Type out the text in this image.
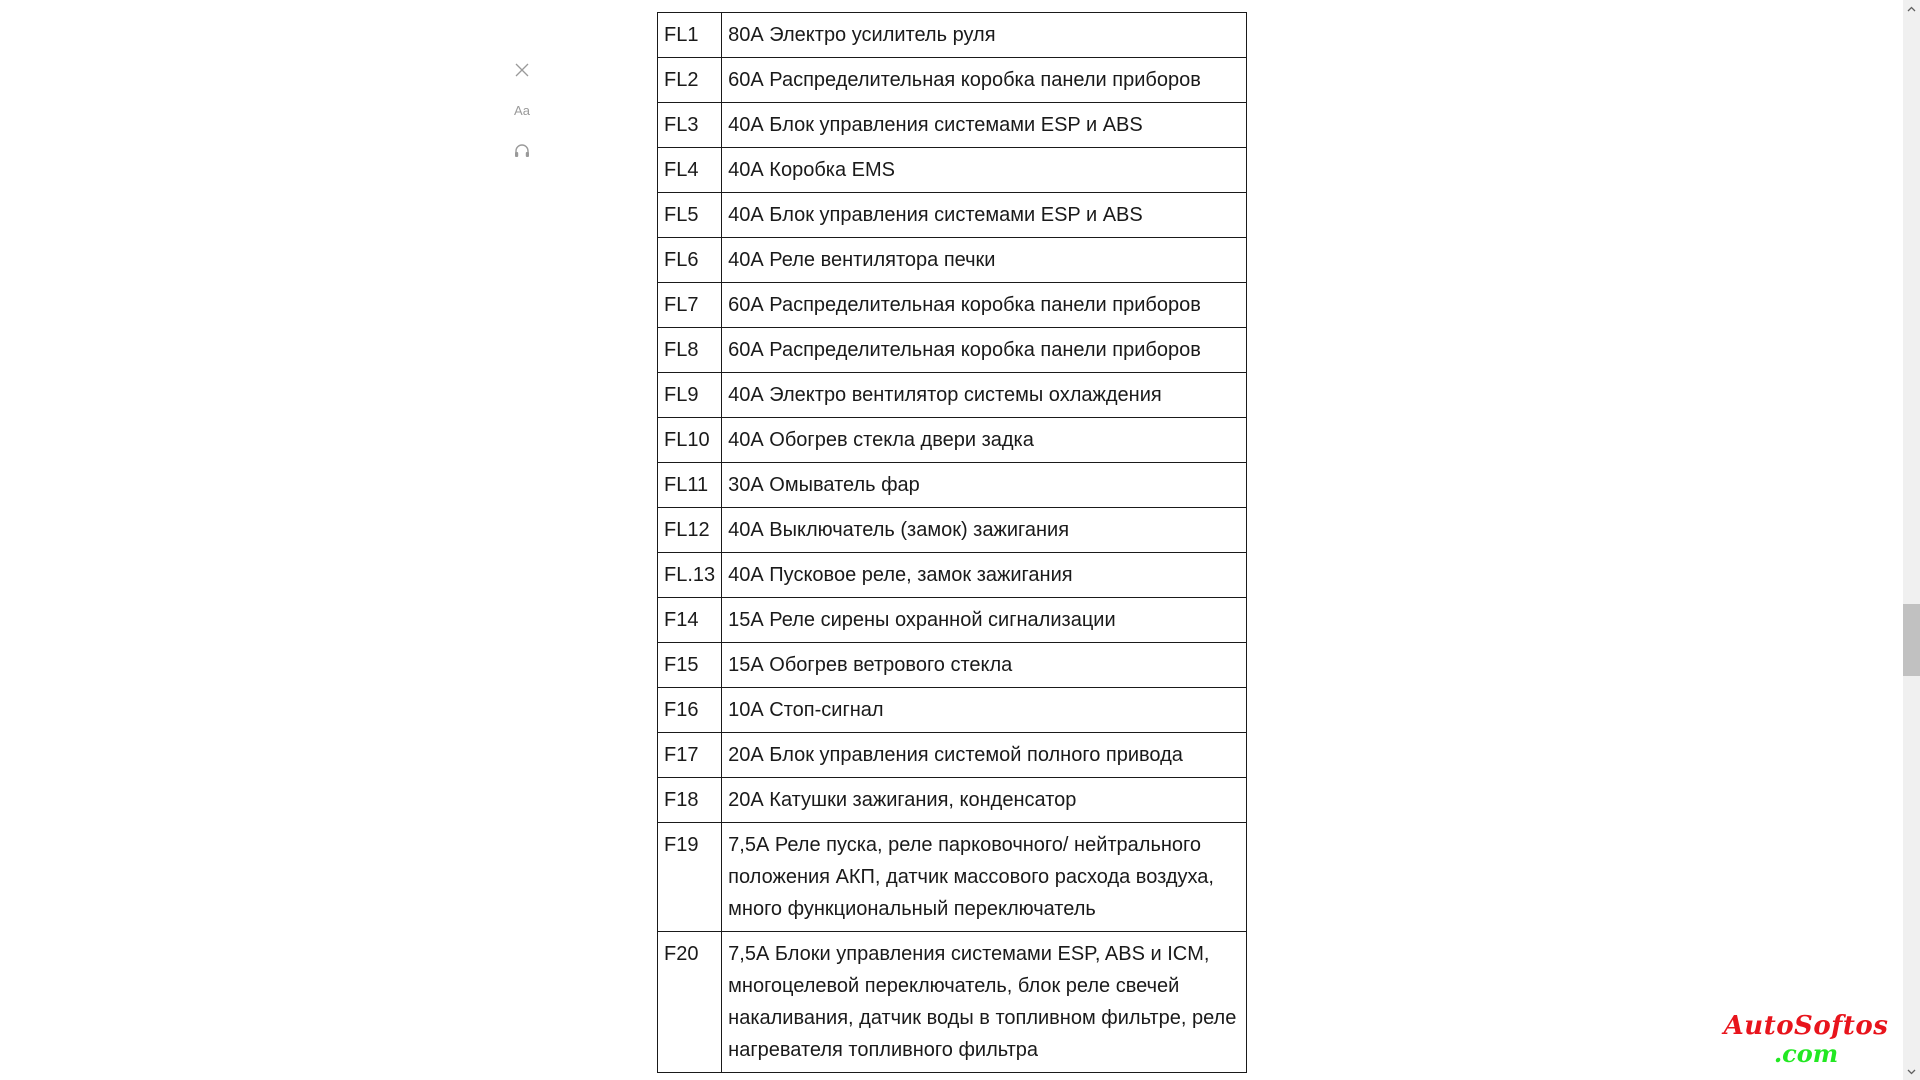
Aa
FL1	80А Электро усилитель руля
FL2	60А Распределительная коробка панели приборов
FL3	40А Блок управления системами ESP и ABS
FL4	40А Коробка EMS
FL5	40А Блок управления системами ESP и ABS
FL6	40А Реле вентилятора печки
FL7	60А Распределительная коробка панели приборов
FL8	60А Распределительная коробка панели приборов
FL9	40А Электро вентилятор системы охлаждения
FL10	40А Обогрев стекла двери задка
FL11	30А Омыватель фар
FL12	40А Выключатель (замок) зажигания
FL.13	40А Пусковое реле, замок зажигания
F14	15А Реле сирены охранной сигнализации
F15	15А Обогрев ветрового стекла
F16	10А Стоп-сигнал
F17	20А Блок управления системой полного привода
F18	20А Катушки зажигания, конденсатор
F19	7,5А Реле пуска, реле парковочного/ нейтрального положения АКП, датчик массового расхода воздуха, много функциональный переключатель
F20	7,5А Блоки управления системами ESP, ABS и ICM, многоцелевой переключатель, блок реле свечей накаливания, датчик воды в топливном фильтре, реле нагревателя топливного фильтра
AutoSoftos
.com
